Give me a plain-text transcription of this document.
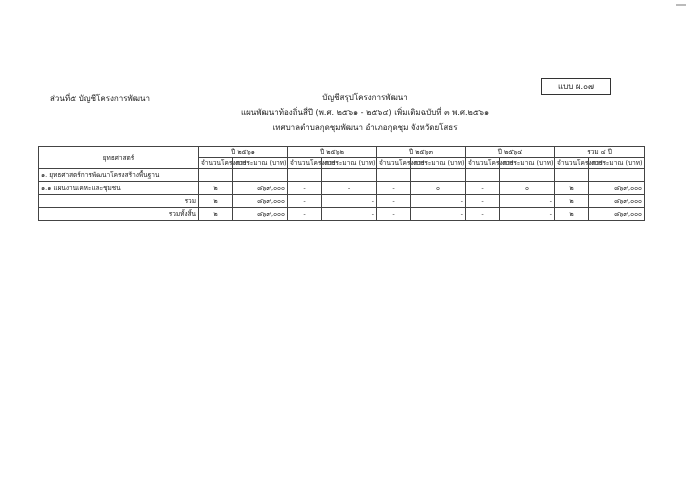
แบบ ผ.๐๗
ส่วนที่๕ บัญชีโครงการพัฒนา	บัญชีสรุปโครงการพัฒนา
แผนพัฒนาท้องถิ่นสี่ปี (พ.ศ. ๒๕๖๑ - ๒๕๖๔) เพิ่มเติมฉบับที่ ๓ พ.ศ.๒๕๖๑
เทศบาลตำบลกุดชุมพัฒนา อำเภอกุดชุม จังหวัดยโสธร
ยุทธศาสตร์	ปี ๒๕๖๑		ปี ๒๕๖๒		ปี ๒๕๖๓		ปี ๒๕๖๔		รวม ๔ ปี	
	จำนวนโครงการ	งบประมาณ (บาท)	จำนวนโครงการ	งบประมาณ (บาท)	จำนวนโครงการ	งบประมาณ (บาท)	จำนวนโครงการ	งบประมาณ (บาท)	จำนวนโครงการ	งบประมาณ (บาท)
๑. ยุทธศาสตร์การพัฒนาโครงสร้างพื้นฐาน										
๑.๑ แผนงานเคหะและชุมชน	๒	๘๖๙,๐๐๐	-	-	-	๐	-	๐	๒	๘๖๙,๐๐๐
รวม	๒	๘๖๙,๐๐๐	-	-	-	-	-	-	๒	๘๖๙,๐๐๐
รวมทั้งสิ้น	๒	๘๖๙,๐๐๐	-	-	-	-	-	-	๒	๘๖๙,๐๐๐
